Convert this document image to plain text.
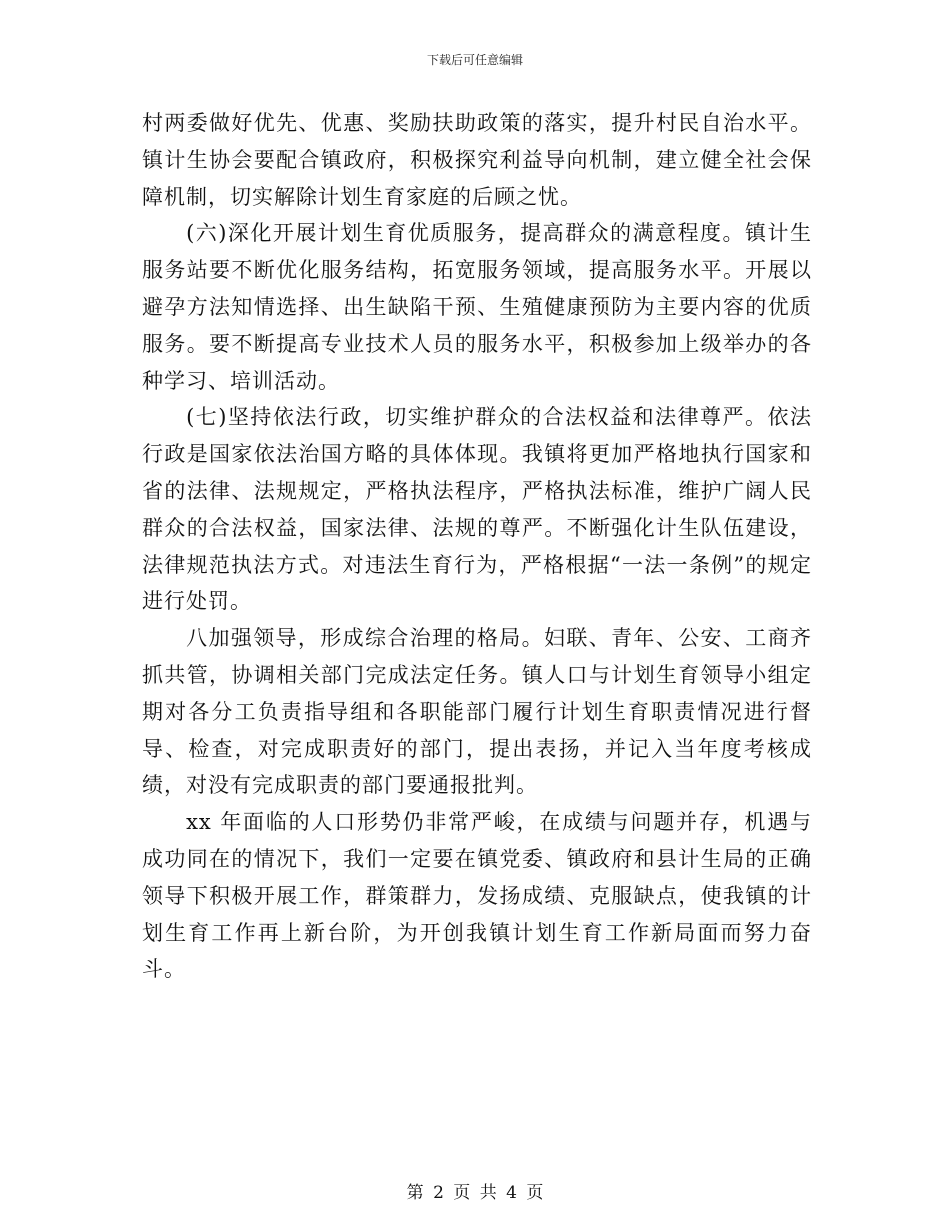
下载后可任意编辑

村两委做好优先、优惠、奖励扶助政策的落实，提升村民自治水平。镇计生协会要配合镇政府，积极探究利益导向机制，建立健全社会保障机制，切实解除计划生育家庭的后顾之忧。

(六)深化开展计划生育优质服务，提高群众的满意程度。镇计生服务站要不断优化服务结构，拓宽服务领域，提高服务水平。开展以避孕方法知情选择、出生缺陷干预、生殖健康预防为主要内容的优质服务。要不断提高专业技术人员的服务水平，积极参加上级举办的各种学习、培训活动。

(七)坚持依法行政，切实维护群众的合法权益和法律尊严。依法行政是国家依法治国方略的具体体现。我镇将更加严格地执行国家和省的法律、法规规定，严格执法程序，严格执法标准，维护广阔人民群众的合法权益，国家法律、法规的尊严。不断强化计生队伍建设，法律规范执法方式。对违法生育行为，严格根据“一法一条例”的规定进行处罚。

八加强领导，形成综合治理的格局。妇联、青年、公安、工商齐抓共管，协调相关部门完成法定任务。镇人口与计划生育领导小组定期对各分工负责指导组和各职能部门履行计划生育职责情况进行督导、检查，对完成职责好的部门，提出表扬，并记入当年度考核成绩，对没有完成职责的部门要通报批判。

xx 年面临的人口形势仍非常严峻，在成绩与问题并存，机遇与成功同在的情况下，我们一定要在镇党委、镇政府和县计生局的正确领导下积极开展工作，群策群力，发扬成绩、克服缺点，使我镇的计划生育工作再上新台阶，为开创我镇计划生育工作新局面而努力奋斗。

第 2 页 共 4 页
